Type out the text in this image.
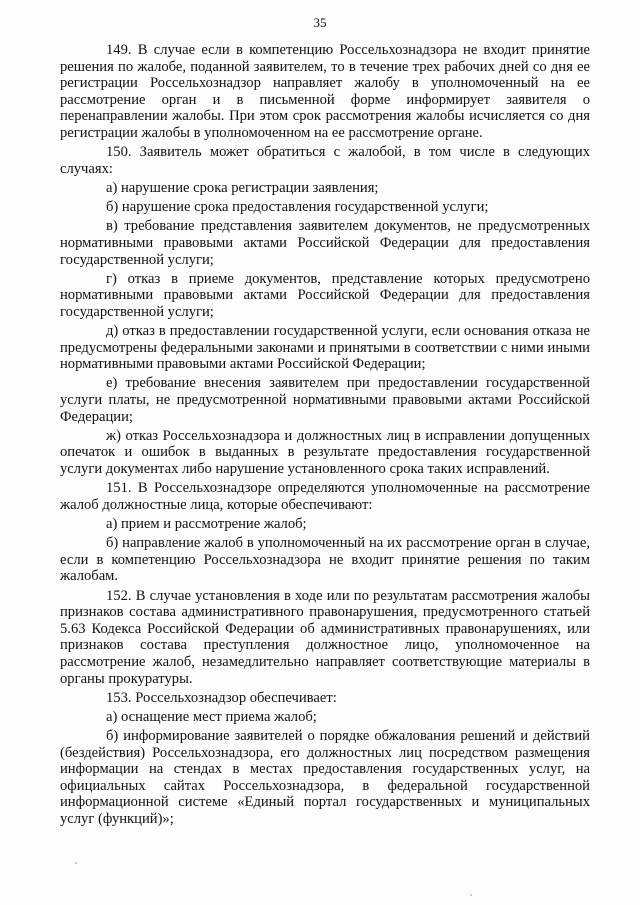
35

149. В случае если в компетенцию Россельхознадзора не входит принятие решения по жалобе, поданной заявителем, то в течение трех рабочих дней со дня ее регистрации Россельхознадзор направляет жалобу в уполномоченный на ее рассмотрение орган и в письменной форме информирует заявителя о перенаправлении жалобы. При этом срок рассмотрения жалобы исчисляется со дня регистрации жалобы в уполномоченном на ее рассмотрение органе.

150. Заявитель может обратиться с жалобой, в том числе в следующих случаях:

а) нарушение срока регистрации заявления;

б) нарушение срока предоставления государственной услуги;

в) требование представления заявителем документов, не предусмотренных нормативными правовыми актами Российской Федерации для предоставления государственной услуги;

г) отказ в приеме документов, представление которых предусмотрено нормативными правовыми актами Российской Федерации для предоставления государственной услуги;

д) отказ в предоставлении государственной услуги, если основания отказа не предусмотрены федеральными законами и принятыми в соответствии с ними иными нормативными правовыми актами Российской Федерации;

е) требование внесения заявителем при предоставлении государственной услуги платы, не предусмотренной нормативными правовыми актами Российской Федерации;

ж) отказ Россельхознадзора и должностных лиц в исправлении допущенных опечаток и ошибок в выданных в результате предоставления государственной услуги документах либо нарушение установленного срока таких исправлений.

151. В Россельхознадзоре определяются уполномоченные на рассмотрение жалоб должностные лица, которые обеспечивают:

а) прием и рассмотрение жалоб;

б) направление жалоб в уполномоченный на их рассмотрение орган в случае, если в компетенцию Россельхознадзора не входит принятие решения по таким жалобам.

152. В случае установления в ходе или по результатам рассмотрения жалобы признаков состава административного правонарушения, предусмотренного статьей 5.63 Кодекса Российской Федерации об административных правонарушениях, или признаков состава преступления должностное лицо, уполномоченное на рассмотрение жалоб, незамедлительно направляет соответствующие материалы в органы прокуратуры.

153. Россельхознадзор обеспечивает:

а) оснащение мест приема жалоб;

б) информирование заявителей о порядке обжалования решений и действий (бездействия) Россельхознадзора, его должностных лиц посредством размещения информации на стендах в местах предоставления государственных услуг, на официальных сайтах Россельхознадзора, в федеральной государственной информационной системе «Единый портал государственных и муниципальных услуг (функций)»;
